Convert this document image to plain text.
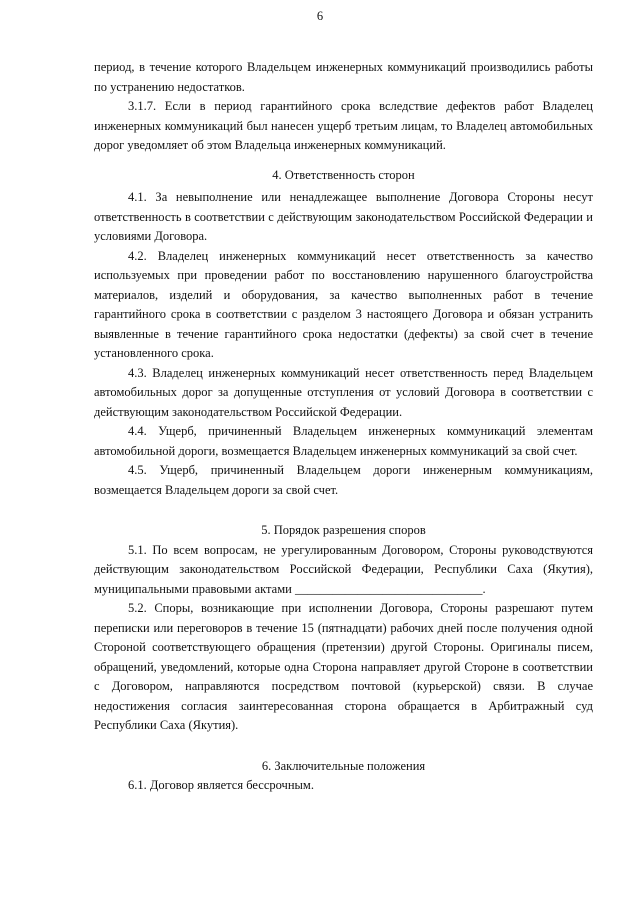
6

период, в течение которого Владельцем инженерных коммуникаций производились работы по устранению недостатков.

3.1.7. Если в период гарантийного срока вследствие дефектов работ Владелец инженерных коммуникаций был нанесен ущерб третьим лицам, то Владелец автомобильных дорог уведомляет об этом Владельца инженерных коммуникаций.

4. Ответственность сторон

4.1. За невыполнение или ненадлежащее выполнение Договора Стороны несут ответственность в соответствии с действующим законодательством Российской Федерации и условиями Договора.

4.2. Владелец инженерных коммуникаций несет ответственность за качество используемых при проведении работ по восстановлению нарушенного благоустройства материалов, изделий и оборудования, за качество выполненных работ в течение гарантийного срока в соответствии с разделом 3 настоящего Договора и обязан устранить выявленные в течение гарантийного срока недостатки (дефекты) за свой счет в течение установленного срока.

4.3. Владелец инженерных коммуникаций несет ответственность перед Владельцем автомобильных дорог за допущенные отступления от условий Договора в соответствии с действующим законодательством Российской Федерации.

4.4. Ущерб, причиненный Владельцем инженерных коммуникаций элементам автомобильной дороги, возмещается Владельцем инженерных коммуникаций за свой счет.

4.5. Ущерб, причиненный Владельцем дороги инженерным коммуникациям, возмещается Владельцем дороги за свой счет.

5. Порядок разрешения споров

5.1. По всем вопросам, не урегулированным Договором, Стороны руководствуются действующим законодательством Российской Федерации, Республики Саха (Якутия), муниципальными правовыми актами ______________________________.

5.2. Споры, возникающие при исполнении Договора, Стороны разрешают путем переписки или переговоров в течение 15 (пятнадцати) рабочих дней после получения одной Стороной соответствующего обращения (претензии) другой Стороны. Оригиналы писем, обращений, уведомлений, которые одна Сторона направляет другой Стороне в соответствии с Договором, направляются посредством почтовой (курьерской) связи. В случае недостижения согласия заинтересованная сторона обращается в Арбитражный суд Республики Саха (Якутия).

6. Заключительные положения

6.1. Договор является бессрочным.
